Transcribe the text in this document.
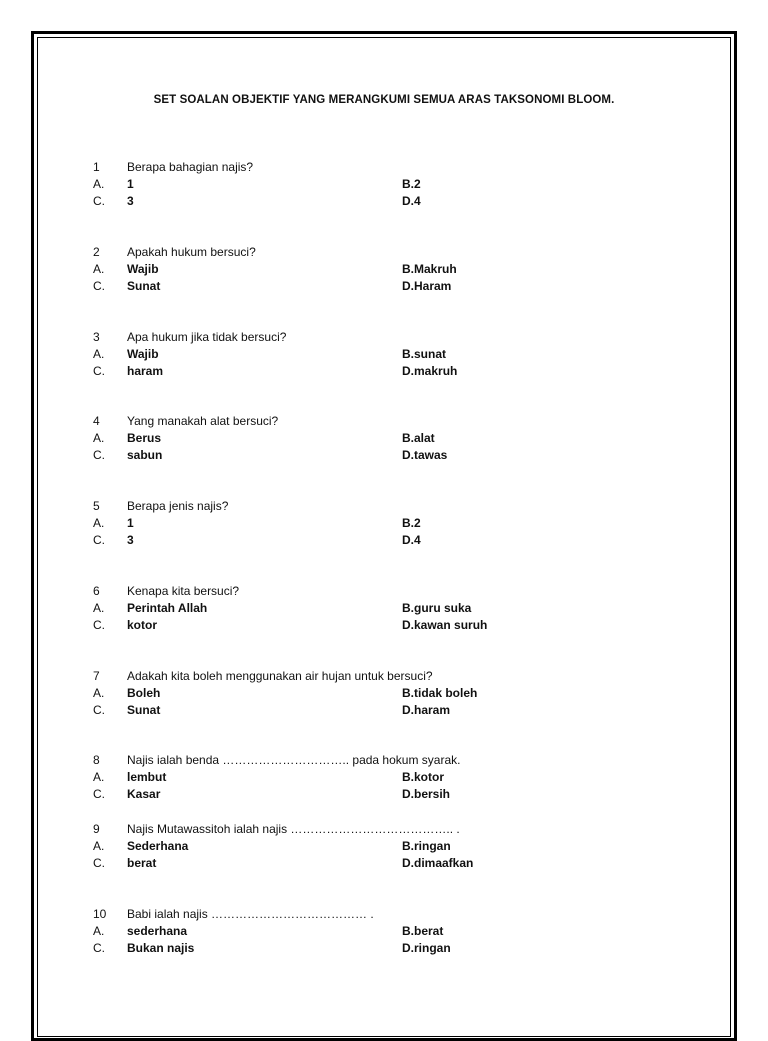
SET SOALAN OBJEKTIF YANG MERANGKUMI SEMUA ARAS TAKSONOMI BLOOM.
1 Berapa bahagian najis?
A. 1	B.2
C. 3	D.4
2 Apakah hukum bersuci?
A. Wajib	B.Makruh
C. Sunat	D.Haram
3 Apa hukum jika tidak bersuci?
A. Wajib	B.sunat
C. haram	D.makruh
4 Yang manakah alat bersuci?
A. Berus	B.alat
C. sabun	D.tawas
5 Berapa jenis najis?
A. 1	B.2
C. 3	D.4
6 Kenapa kita bersuci?
A. Perintah Allah	B.guru suka
C. kotor	D.kawan suruh
7 Adakah kita boleh menggunakan air hujan untuk bersuci?
A. Boleh	B.tidak boleh
C. Sunat	D.haram
8 Najis ialah benda ………………………….. pada hokum syarak.
A. lembut	B.kotor
C. Kasar	D.bersih
9 Najis Mutawassitoh ialah najis ………………………………….. .
A. Sederhana	B.ringan
C. berat	D.dimaafkan
10 Babi ialah najis ………………………………… .
A. sederhana	B.berat
C. Bukan najis	D.ringan
